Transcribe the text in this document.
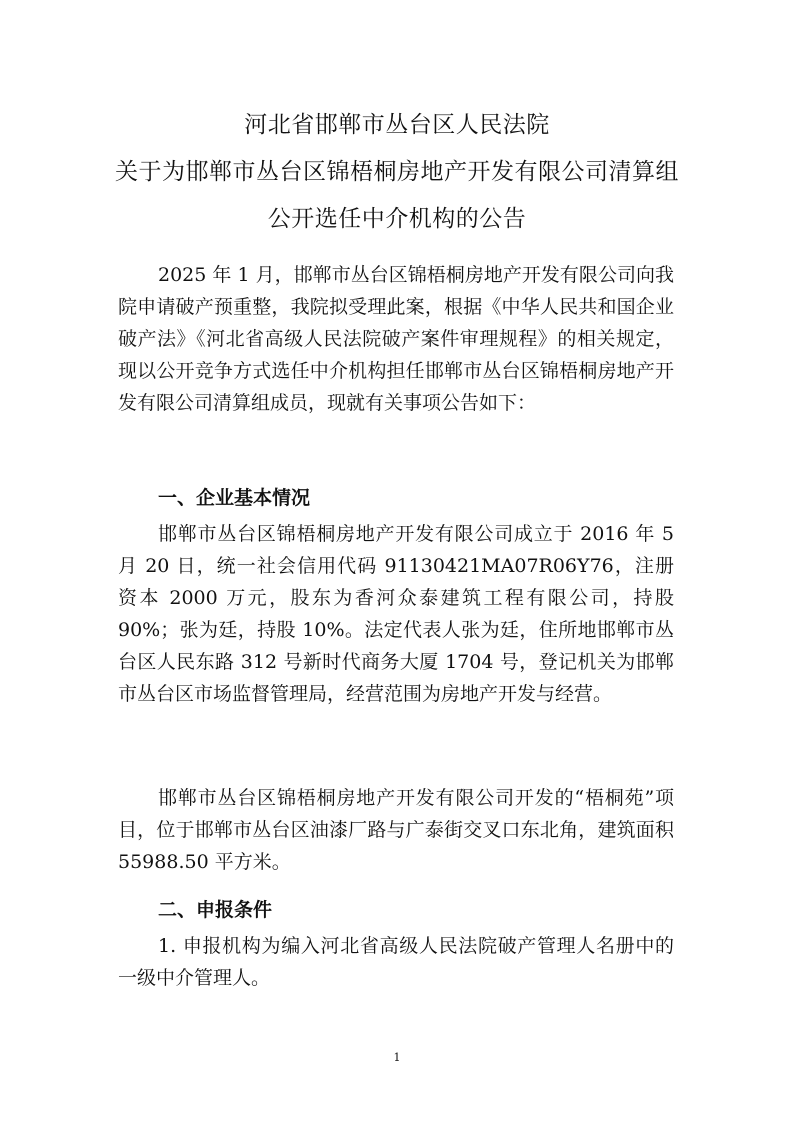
河北省邯郸市丛台区人民法院
关于为邯郸市丛台区锦梧桐房地产开发有限公司清算组
公开选任中介机构的公告
2025 年 1 月，邯郸市丛台区锦梧桐房地产开发有限公司向我院申请破产预重整，我院拟受理此案，根据《中华人民共和国企业破产法》《河北省高级人民法院破产案件审理规程》的相关规定，现以公开竞争方式选任中介机构担任邯郸市丛台区锦梧桐房地产开发有限公司清算组成员，现就有关事项公告如下：
一、企业基本情况
邯郸市丛台区锦梧桐房地产开发有限公司成立于 2016 年 5 月 20 日，统一社会信用代码 91130421MA07R06Y76，注册资本 2000 万元，股东为香河众泰建筑工程有限公司，持股 90%；张为廷，持股 10%。法定代表人张为廷，住所地邯郸市丛台区人民东路 312 号新时代商务大厦 1704 号，登记机关为邯郸市丛台区市场监督管理局，经营范围为房地产开发与经营。
邯郸市丛台区锦梧桐房地产开发有限公司开发的“梧桐苑”项目，位于邯郸市丛台区油漆厂路与广泰街交叉口东北角，建筑面积 55988.50 平方米。
二、申报条件
1. 申报机构为编入河北省高级人民法院破产管理人名册中的一级中介管理人。
1
